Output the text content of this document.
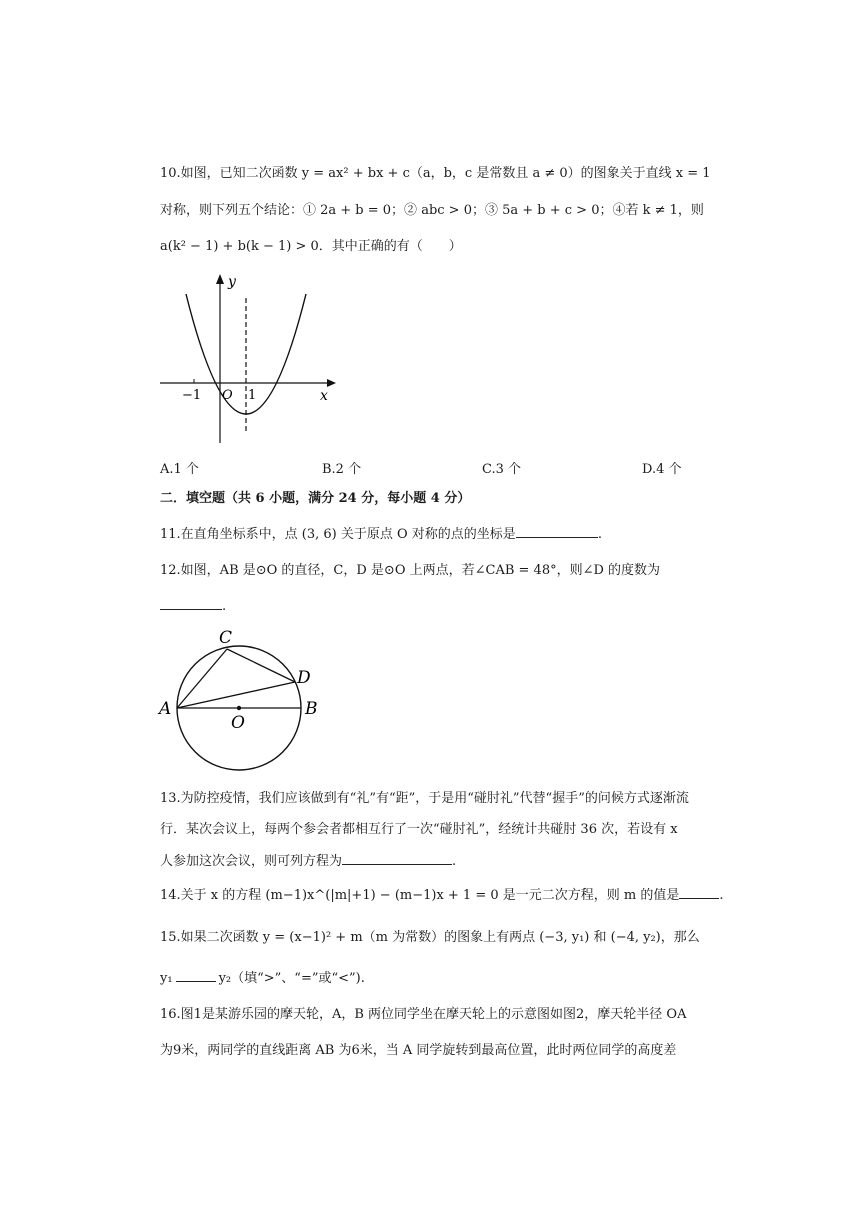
10.如图，已知二次函数 y = ax² + bx + c（a，b，c 是常数且 a ≠ 0）的图象关于直线 x = 1
对称，则下列五个结论：① 2a + b = 0；② abc > 0；③ 5a + b + c > 0；④若 k ≠ 1，则
a(k² − 1) + b(k − 1) > 0．其中正确的有（　　）
y
x
O
−1	1
A.1 个	B.2 个	C.3 个	D.4 个
二．填空题（共 6 小题，满分 24 分，每小题 4 分）
11.在直角坐标系中，点 (3, 6) 关于原点 O 对称的点的坐标是	.
12.如图，AB 是⊙O 的直径，C，D 是⊙O 上两点，若∠CAB = 48°，则∠D 的度数为
.
A	B
C
D
O
13.为防控疫情，我们应该做到有“礼”有“距”，于是用“碰肘礼”代替“握手”的问候方式逐渐流
行．某次会议上，每两个参会者都相互行了一次“碰肘礼”，经统计共碰肘 36 次，若设有 x
人参加这次会议，则可列方程为	.
14.关于 x 的方程 (m−1)x^(|m|+1) − (m−1)x + 1 = 0 是一元二次方程，则 m 的值是	.
15.如果二次函数 y = (x−1)² + m（m 为常数）的图象上有两点 (−3, y₁) 和 (−4, y₂)，那么
y₁	y₂（填“>”、“=”或“<”).
16.图1是某游乐园的摩天轮，A，B 两位同学坐在摩天轮上的示意图如图2，摩天轮半径 OA
为9米，两同学的直线距离 AB 为6米，当 A 同学旋转到最高位置，此时两位同学的高度差
